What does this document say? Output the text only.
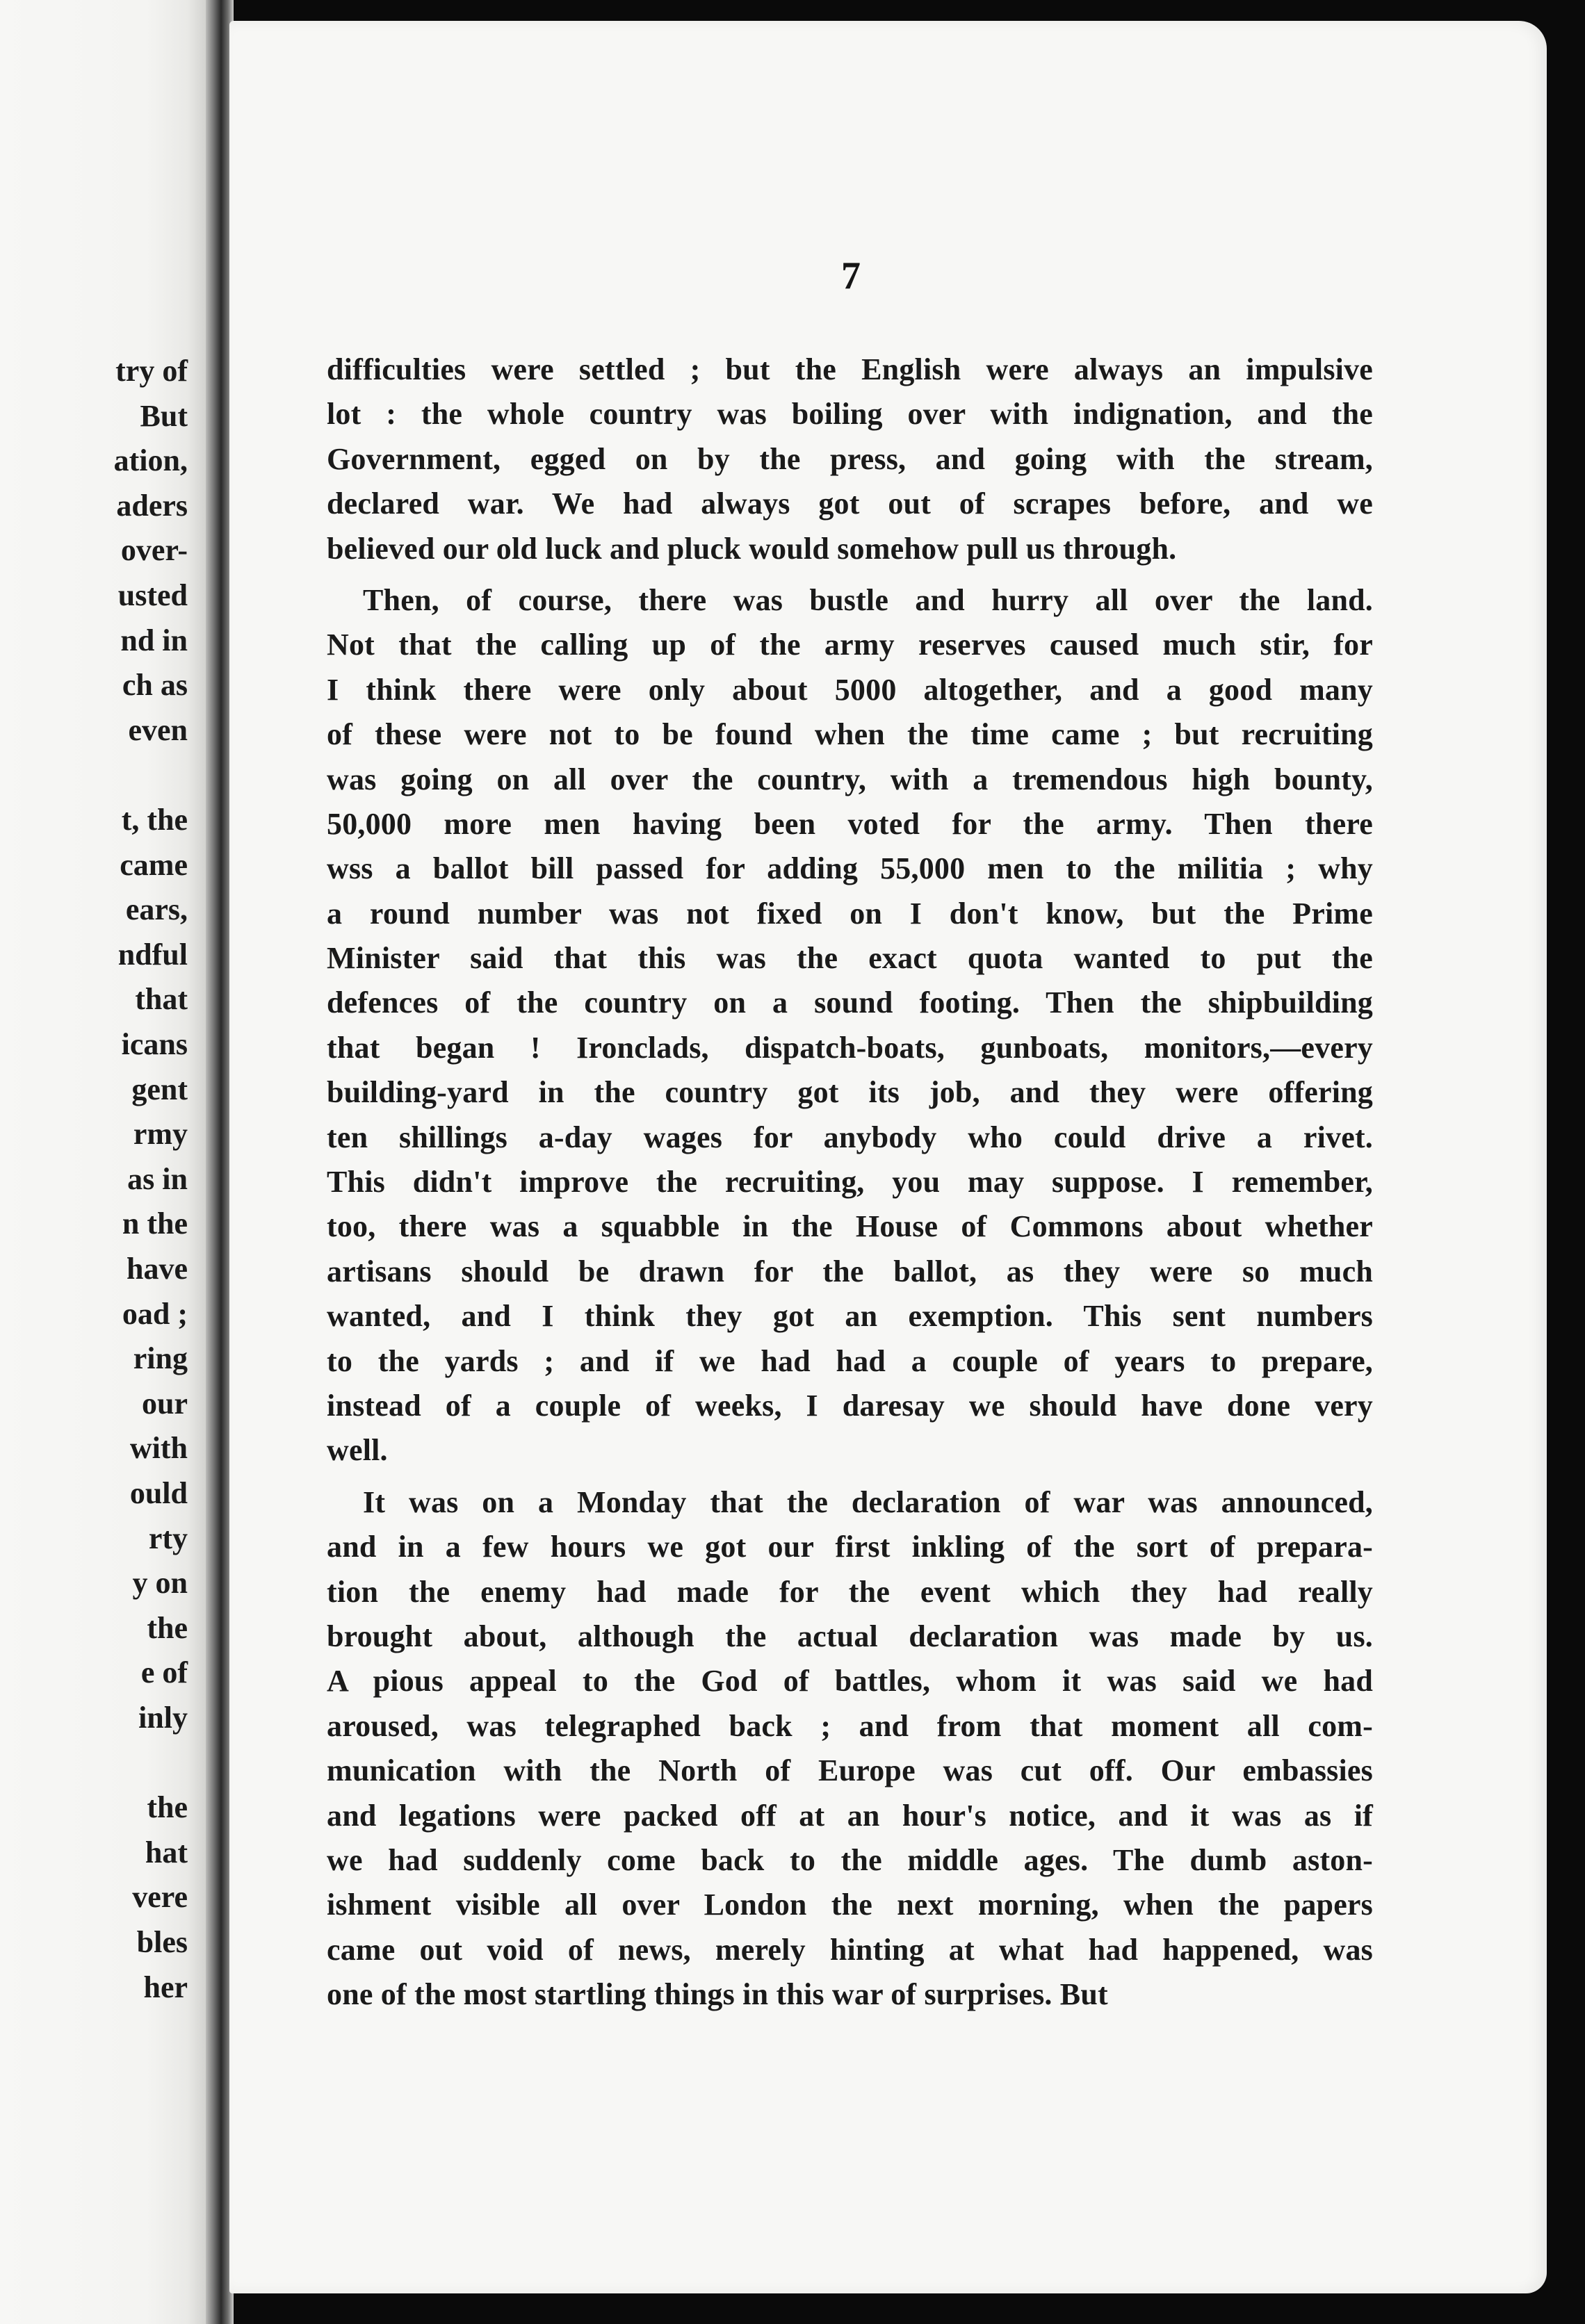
try of
But
ation,
aders
over-
usted
nd in
ch as
even
t, the
came
ears,
ndful
that
icans
gent
rmy
as in
n the
have
oad ;
ring
our
with
ould
rty
y on
the
e of
inly
the
hat
vere
bles
her
7
difficulties were settled ; but the English were always an impulsive
lot : the whole country was boiling over with indignation, and the
Government, egged on by the press, and going with the stream,
declared war. We had always got out of scrapes before, and we
believed our old luck and pluck would somehow pull us through.
Then, of course, there was bustle and hurry all over the land.
Not that the calling up of the army reserves caused much stir, for
I think there were only about 5000 altogether, and a good many
of these were not to be found when the time came ; but recruiting
was going on all over the country, with a tremendous high bounty,
50,000 more men having been voted for the army. Then there
wss a ballot bill passed for adding 55,000 men to the militia ; why
a round number was not fixed on I don't know, but the Prime
Minister said that this was the exact quota wanted to put the
defences of the country on a sound footing. Then the shipbuilding
that began ! Ironclads, dispatch-boats, gunboats, monitors,—every
building-yard in the country got its job, and they were offering
ten shillings a-day wages for anybody who could drive a rivet.
This didn't improve the recruiting, you may suppose. I remember,
too, there was a squabble in the House of Commons about whether
artisans should be drawn for the ballot, as they were so much
wanted, and I think they got an exemption. This sent numbers
to the yards ; and if we had had a couple of years to prepare,
instead of a couple of weeks, I daresay we should have done very
well.
It was on a Monday that the declaration of war was announced,
and in a few hours we got our first inkling of the sort of prepara-
tion the enemy had made for the event which they had really
brought about, although the actual declaration was made by us.
A pious appeal to the God of battles, whom it was said we had
aroused, was telegraphed back ; and from that moment all com-
munication with the North of Europe was cut off. Our embassies
and legations were packed off at an hour's notice, and it was as if
we had suddenly come back to the middle ages. The dumb aston-
ishment visible all over London the next morning, when the papers
came out void of news, merely hinting at what had happened, was
one of the most startling things in this war of surprises. But
